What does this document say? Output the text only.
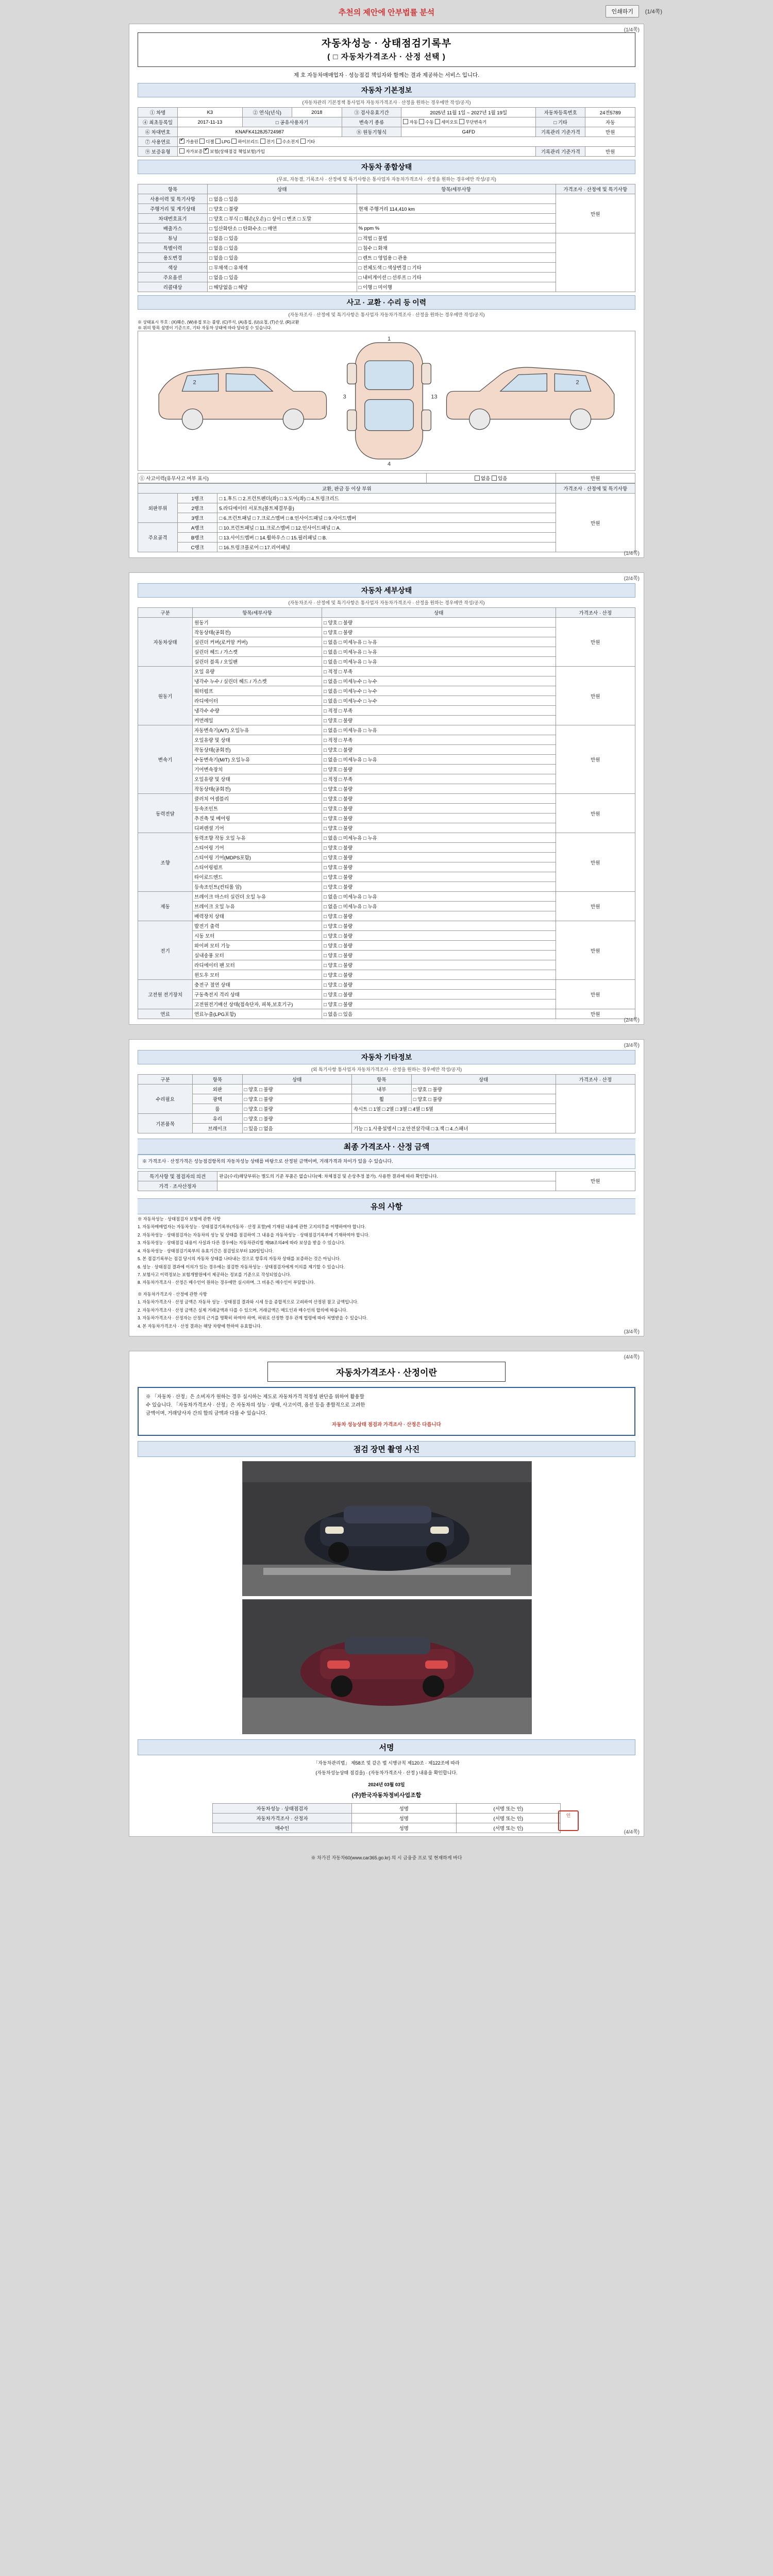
추천의 제안에 안부법률 분석	인쇄하기	(1/4쪽)
(1/4쪽)
자동차성능 · 상태점검기록부
( □ 자동차가격조사 · 산정 선택 )
제 호 자동차매매업자 · 성능점검 책임자와 함께는 결과 제공하는 서비스 입니다.
자동차 기본정보
(자동차관리 기본정책 통사업자 자동차가격조사 · 산정을 원하는 경우에만 작성/공지)
① 차명	K3	② 연식(년식)	2018	③ 검사유효기간	2025년 11월 1일 ~ 2027년 1월 19일	자동차등록번호	24전5789
④ 최초등록일	2017-11-13	□ 공유사용자기		변속기 종류	자동 수동 세미오토 무단변속기	□ 기타	자동
⑥ 차대번호	KNAFK4128J5724987			⑧ 원동기형식	G4FD	기록관리 기준가격	만원
⑦ 사용연료	✔가솔린 디젤 LPG 하이브리드 전기 수소전지 기타
⑨ 보증유형	자가보증 ✔보험(상태점검 책임보험)가입					기록관리 기준가격	만원
자동차 종합상태
(무료, 자동결, 기록조사 · 산정에 및 특기사항은 통사업자 자동차가격조사 · 산정을 원하는 경우에만 작성/공지)
항목	상태	항목/세부사항	가격조사 · 산정에 및 특기사항
사용이력 및 특기사항	□ 없음 □ 있음		만원
주행거리 및 계기상태	□ 양호 □ 불량	현재 주행거리 114,410 km	
차대번호표기	□ 양호 □ 부식 □ 훼손(오손) □ 상이 □ 변조 □ 도말		
배출가스	□ 일산화탄소 □ 탄화수소 □ 매연	% ppm %	
튜닝	□ 없음 □ 있음	□ 적법 □ 불법	
특별이력	□ 없음 □ 있음	□ 침수 □ 화재	
용도변경	□ 없음 □ 있음	□ 렌트 □ 영업용 □ 관용	
색상	□ 무채색 □ 유채색	□ 전체도색 □ 색상변경 □ 기타	
주요옵션	□ 없음 □ 있음	□ 내비게이션 □ 선루프 □ 기타	
리콜대상	□ 해당없음 □ 해당	□ 이행 □ 미이행	
사고 · 교환 · 수리 등 이력
(자동차조사 · 산정에 및 특기사항은 통사업자 자동차가격조사 · 산정을 원하는 경우에만 작성/공지)
※ 상태표시 부호 : (X)훼손, (W)용접 또는 불량, (C)부식, (A)흠집, (U)요철, (T)손상, (R)교환
※ 위의 항목 설명이 기준으로, 기타 자동차 상태에 따라 달라질 수 있습니다.
1
4
3	13
2	2
① 사고이력(유무사고 여부 표시)	없음 있음	만원
교환, 판금 등 이상 부위			가격조사 · 산정에 및 특기사항
외판부위	1랭크	□ 1.후드 □ 2.프런트펜더(좌) □ 3.도어(좌) □ 4.트렁크리드	만원
	2랭크	5.라디에이터 서포트(볼트체결부품)	
	3랭크	□ 6.프런트패널 □ 7.크로스멤버 □ 8.인사이드패널 □ 9.사이드멤버	
주요골격	A랭크	□ 10.프런트패널 □ 11.크로스멤버 □ 12.인사이드패널 □ A.	
	B랭크	□ 13.사이드멤버 □ 14.휠하우스 □ 15.필러패널 □ B.	
	C랭크	□ 16.트렁크플로어 □ 17.리어패널	
(1/4쪽)
(2/4쪽)
자동차 세부상태
(자동차조사 · 산정에 및 특기사항은 통사업자 자동차가격조사 · 산정을 원하는 경우에만 작성/공지)
구분	항목/세부사항	상태	가격조사 · 산정
자동차상태	원동기	□ 양호 □ 불량	만원
	작동상태(공회전)	□ 양호 □ 불량	
	실린더 커버(로커암 커버)	□ 없음 □ 미세누유 □ 누유	
	실린더 헤드 / 가스켓	□ 없음 □ 미세누유 □ 누유	
	실린더 블록 / 오일팬	□ 없음 □ 미세누유 □ 누유	
원동기	오일 유량	□ 적정 □ 부족	만원
	냉각수 누수 / 실린더 헤드 / 가스켓	□ 없음 □ 미세누수 □ 누수	
	워터펌프	□ 없음 □ 미세누수 □ 누수	
	라디에이터	□ 없음 □ 미세누수 □ 누수	
	냉각수 수량	□ 적정 □ 부족	
	커먼레일	□ 양호 □ 불량	
변속기	자동변속기(A/T) 오일누유	□ 없음 □ 미세누유 □ 누유	만원
	오일유량 및 상태	□ 적정 □ 부족	
	작동상태(공회전)	□ 양호 □ 불량	
	수동변속기(M/T) 오일누유	□ 없음 □ 미세누유 □ 누유	
	기어변속장치	□ 양호 □ 불량	
	오일유량 및 상태	□ 적정 □ 부족	
	작동상태(공회전)	□ 양호 □ 불량	
동력전달	클러치 어셈블리	□ 양호 □ 불량	만원
	등속조인트	□ 양호 □ 불량	
	추진축 및 베어링	□ 양호 □ 불량	
	디퍼렌셜 기어	□ 양호 □ 불량	
조향	동력조향 작동 오일 누유	□ 없음 □ 미세누유 □ 누유	만원
	스티어링 기어	□ 양호 □ 불량	
	스티어링 기어(MDPS포함)	□ 양호 □ 불량	
	스티어링펌프	□ 양호 □ 불량	
	타이로드엔드	□ 양호 □ 불량	
	등속조인트(컨티롤 암)	□ 양호 □ 불량	
제동	브레이크 마스터 실린더 오일 누유	□ 없음 □ 미세누유 □ 누유	만원
	브레이크 오일 누유	□ 없음 □ 미세누유 □ 누유	
	배력장치 상태	□ 양호 □ 불량	
전기	발전기 출력	□ 양호 □ 불량	만원
	시동 모터	□ 양호 □ 불량	
	와이퍼 모터 기능	□ 양호 □ 불량	
	실내송풍 모터	□ 양호 □ 불량	
	라디에이터 팬 모터	□ 양호 □ 불량	
	윈도우 모터	□ 양호 □ 불량	
고전원 전기장치	충전구 절연 상태	□ 양호 □ 불량	만원
	구동축전지 격리 상태	□ 양호 □ 불량	
	고전원전기배선 상태(접속단자, 피복,보호기구)	□ 양호 □ 불량	
연료	연료누출(LPG포함)	□ 없음 □ 있음	만원
(2/4쪽)
(3/4쪽)
자동차 기타정보
(외 특기사항 통사업자 자동차가격조사 · 산정을 원하는 경우에만 작성/공지)
구분	항목	상태	항목	상태	가격조사 · 산정
수리필요	외판	□ 양호 □ 불량	내부	□ 양호 □ 불량	
	광택	□ 양호 □ 불량	휠	□ 양호 □ 불량	
	룸	□ 양호 □ 불량	속시트 □ 1열 □ 2열 □ 3열 □ 4열 □ 5열		
기본품목	유리	□ 양호 □ 불량			
	브레이크	□ 있음 □ 없음	기능 □ 1.사용설명서 □ 2.안전삼각대 □ 3.잭 □ 4.스패너		
최종 가격조사 · 산정 금액
※ 가격조사 · 산정가격은 성능점검항목의 자동차성능 상태를 바탕으로 산정된 금액이며, 거래가격과 차이가 있을 수 있습니다.
특기사항 및 점검자의 의견	판금(수리)해당부위는 별도의 기준 부품은 없습니다(예: 차체점검 및 손상추정 불가). 사용한 결과에 따라 확인합니다.	만원
가격 · 조사산정자		
유의 사항

※ 자동차성능 · 상태점검자 보험에 관한 사항

1. 자동차매매업자는 자동차성능 · 상태점검기록부(자동차 · 산정 포함)에 기재된 내용에 관한 고지의무를 이행하여야 합니다.

2. 자동차성능 · 상태점검자는 자동차의 성능 및 상태를 점검하여 그 내용을 자동차성능 · 상태점검기록부에 기재하여야 합니다.

3. 자동차성능 · 상태점검 내용이 사실과 다른 경우에는 자동차관리법 제58조의4에 따라 보상을 받을 수 있습니다.

4. 자동차성능 · 상태점검기록부의 유효기간은 점검일로부터 120일입니다.

5. 본 점검기록부는 점검 당시의 자동차 상태를 나타내는 것으로 향후의 자동차 상태를 보증하는 것은 아닙니다.

6. 성능 · 상태점검 결과에 이의가 있는 경우에는 점검한 자동차성능 · 상태점검자에게 이의를 제기할 수 있습니다.

7. 보험사고 이력정보는 보험개발원에서 제공하는 정보를 기준으로 작성되었습니다.

8. 자동차가격조사 · 산정은 매수인이 원하는 경우에만 실시하며, 그 비용은 매수인이 부담합니다.

※ 자동차가격조사 · 산정에 관한 사항

1. 자동차가격조사 · 산정 금액은 자동차 성능 · 상태점검 결과와 시세 등을 종합적으로 고려하여 산정된 참고 금액입니다.

2. 자동차가격조사 · 산정 금액은 실제 거래금액과 다를 수 있으며, 거래금액은 매도인과 매수인의 합의에 따릅니다.

3. 자동차가격조사 · 산정자는 산정의 근거를 명확히 하여야 하며, 허위로 산정한 경우 관계 법령에 따라 처벌받을 수 있습니다.

4. 본 자동차가격조사 · 산정 결과는 해당 차량에 한하여 유효합니다.

(3/4쪽)
(4/4쪽)
자동차가격조사 · 산정이란
※ 「자동차 · 산정」은 소비자가 원하는 경우 실시하는 제도로 자동차가격 적정성 판단을 위하여 활용할
수 있습니다. 「자동차가격조사 · 산정」은 자동차의 성능 · 상태, 사고이력, 옵션 등을 종합적으로 고려한
금액이며, 거래당사자 간의 합의 금액과 다를 수 있습니다.
자동차 성능상태 점검과 가격조사 · 산정은 다릅니다
점검 장면 촬영 사진
서명
「자동차관리법」 제58조 및 같은 법 시행규칙 제120조 · 제122조에 따라
(자동차성능상태 점검을) · (자동차가격조사 · 산정 ) 내용을 확인합니다.
2024년 03월 03일
(주)한국자동차정비사업조합
자동차성능 · 상태점검자	성명	(서명 또는 인)
자동차가격조사 · 산정자	성명	(서명 또는 인)
매수인	성명	(서명 또는 인)
인
(4/4쪽)
※ 차가진 자동차60(www.car365.go.kr) 의 시 금융중 프로 및 현재하게 바다
